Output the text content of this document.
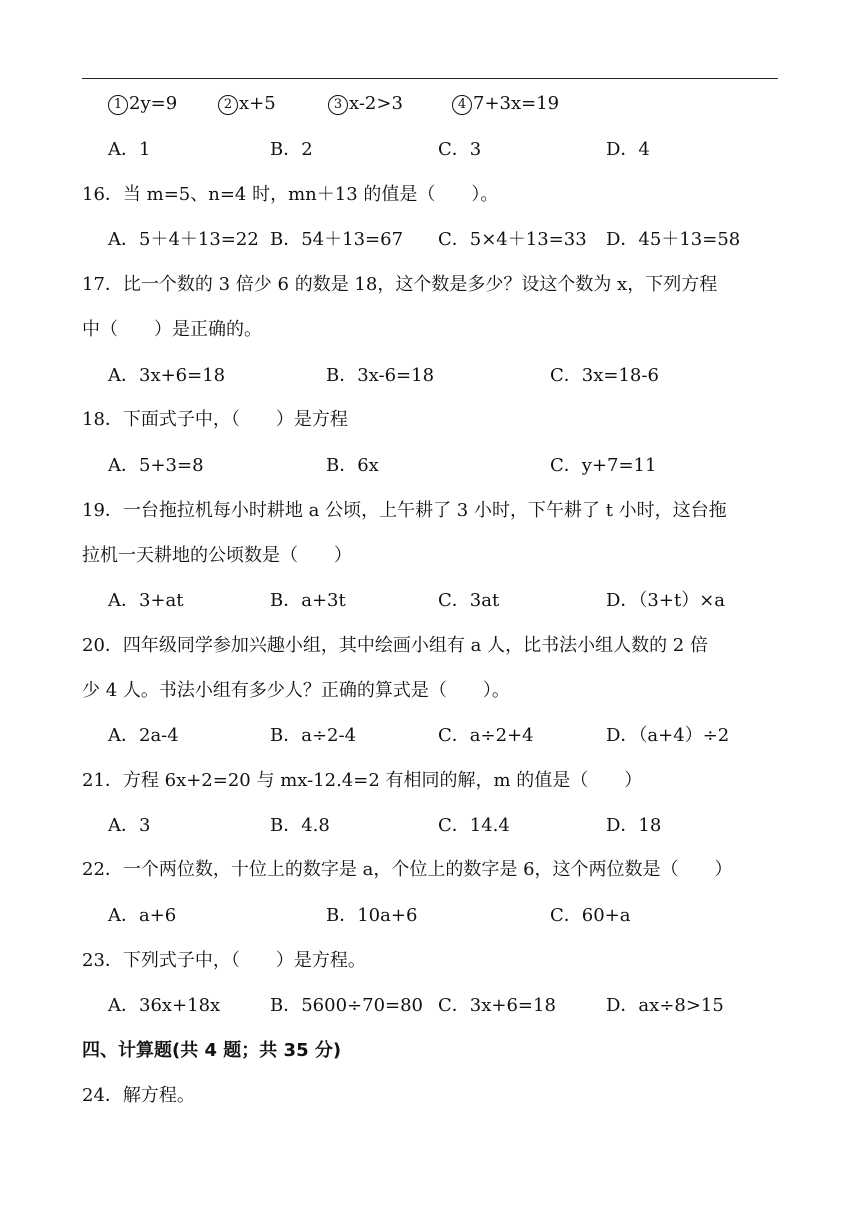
1 2y=9	2 x+5	3 x-2>3	4 7+3x=19
A．1	B．2	C．3	D．4
16．当 m=5、n=4 时，mn＋13 的值是（　　）。
A．5＋4＋13=22 B．54＋13=67 C．5×4＋13=33 D．45＋13=58
17．比一个数的 3 倍少 6 的数是 18，这个数是多少？设这个数为 x，下列方程
中（　　）是正确的。
A．3x+6=18	B．3x-6=18	C．3x=18-6
18．下面式子中，（　　）是方程
A．5+3=8	B．6x	C．y+7=11
19．一台拖拉机每小时耕地 a 公顷，上午耕了 3 小时，下午耕了 t 小时，这台拖
拉机一天耕地的公顷数是（　　）
A．3+at	B．a+3t	C．3at	D．（3+t）×a
20．四年级同学参加兴趣小组，其中绘画小组有 a 人，比书法小组人数的 2 倍
少 4 人。书法小组有多少人？正确的算式是（　　）。
A．2a-4	B．a÷2-4	C．a÷2+4	D．（a+4）÷2
21．方程 6x+2=20 与 mx-12.4=2 有相同的解，m 的值是（　　）
A．3	B．4.8	C．14.4	D．18
22．一个两位数，十位上的数字是 a，个位上的数字是 6，这个两位数是（　　）
A．a+6	B．10a+6	C．60+a
23．下列式子中，（　　）是方程。
A．36x+18x	B．5600÷70=80 C．3x+6=18	D．ax÷8>15
四、计算题(共 4 题；共 35 分)
24．解方程。
